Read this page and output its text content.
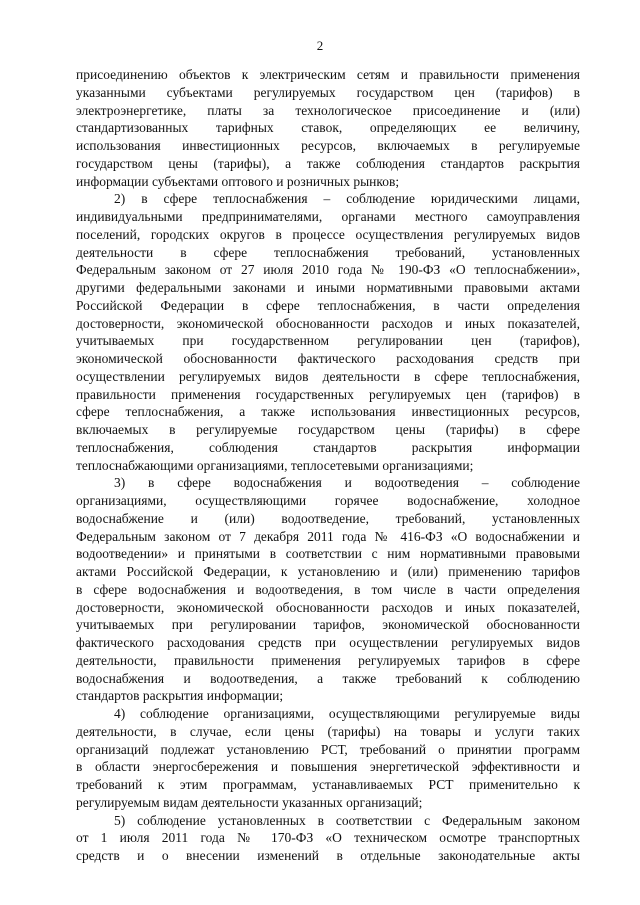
2
присоединению объектов к электрическим сетям и правильности применения
указанными субъектами регулируемых государством цен (тарифов) в
электроэнергетике, платы за технологическое присоединение и (или)
стандартизованных тарифных ставок, определяющих ее величину,
использования инвестиционных ресурсов, включаемых в регулируемые
государством цены (тарифы), а также соблюдения стандартов раскрытия
информации субъектами оптового и розничных рынков;
2) в сфере теплоснабжения – соблюдение юридическими лицами,
индивидуальными предпринимателями, органами местного самоуправления
поселений, городских округов в процессе осуществления регулируемых видов
деятельности в сфере теплоснабжения требований, установленных
Федеральным законом от 27 июля 2010 года № 190-ФЗ «О теплоснабжении»,
другими федеральными законами и иными нормативными правовыми актами
Российской Федерации в сфере теплоснабжения, в части определения
достоверности, экономической обоснованности расходов и иных показателей,
учитываемых при государственном регулировании цен (тарифов),
экономической обоснованности фактического расходования средств при
осуществлении регулируемых видов деятельности в сфере теплоснабжения,
правильности применения государственных регулируемых цен (тарифов) в
сфере теплоснабжения, а также использования инвестиционных ресурсов,
включаемых в регулируемые государством цены (тарифы) в сфере
теплоснабжения, соблюдения стандартов раскрытия информации
теплоснабжающими организациями, теплосетевыми организациями;
3) в сфере водоснабжения и водоотведения – соблюдение
организациями, осуществляющими горячее водоснабжение, холодное
водоснабжение и (или) водоотведение, требований, установленных
Федеральным законом от 7 декабря 2011 года № 416-ФЗ «О водоснабжении и
водоотведении» и принятыми в соответствии с ним нормативными правовыми
актами Российской Федерации, к установлению и (или) применению тарифов
в сфере водоснабжения и водоотведения, в том числе в части определения
достоверности, экономической обоснованности расходов и иных показателей,
учитываемых при регулировании тарифов, экономической обоснованности
фактического расходования средств при осуществлении регулируемых видов
деятельности, правильности применения регулируемых тарифов в сфере
водоснабжения и водоотведения, а также требований к соблюдению
стандартов раскрытия информации;
4) соблюдение организациями, осуществляющими регулируемые виды
деятельности, в случае, если цены (тарифы) на товары и услуги таких
организаций подлежат установлению РСТ, требований о принятии программ
в области энергосбережения и повышения энергетической эффективности и
требований к этим программам, устанавливаемых РСТ применительно к
регулируемым видам деятельности указанных организаций;
5) соблюдение установленных в соответствии с Федеральным законом
от 1 июля 2011 года № 170-ФЗ «О техническом осмотре транспортных
средств и о внесении изменений в отдельные законодательные акты
